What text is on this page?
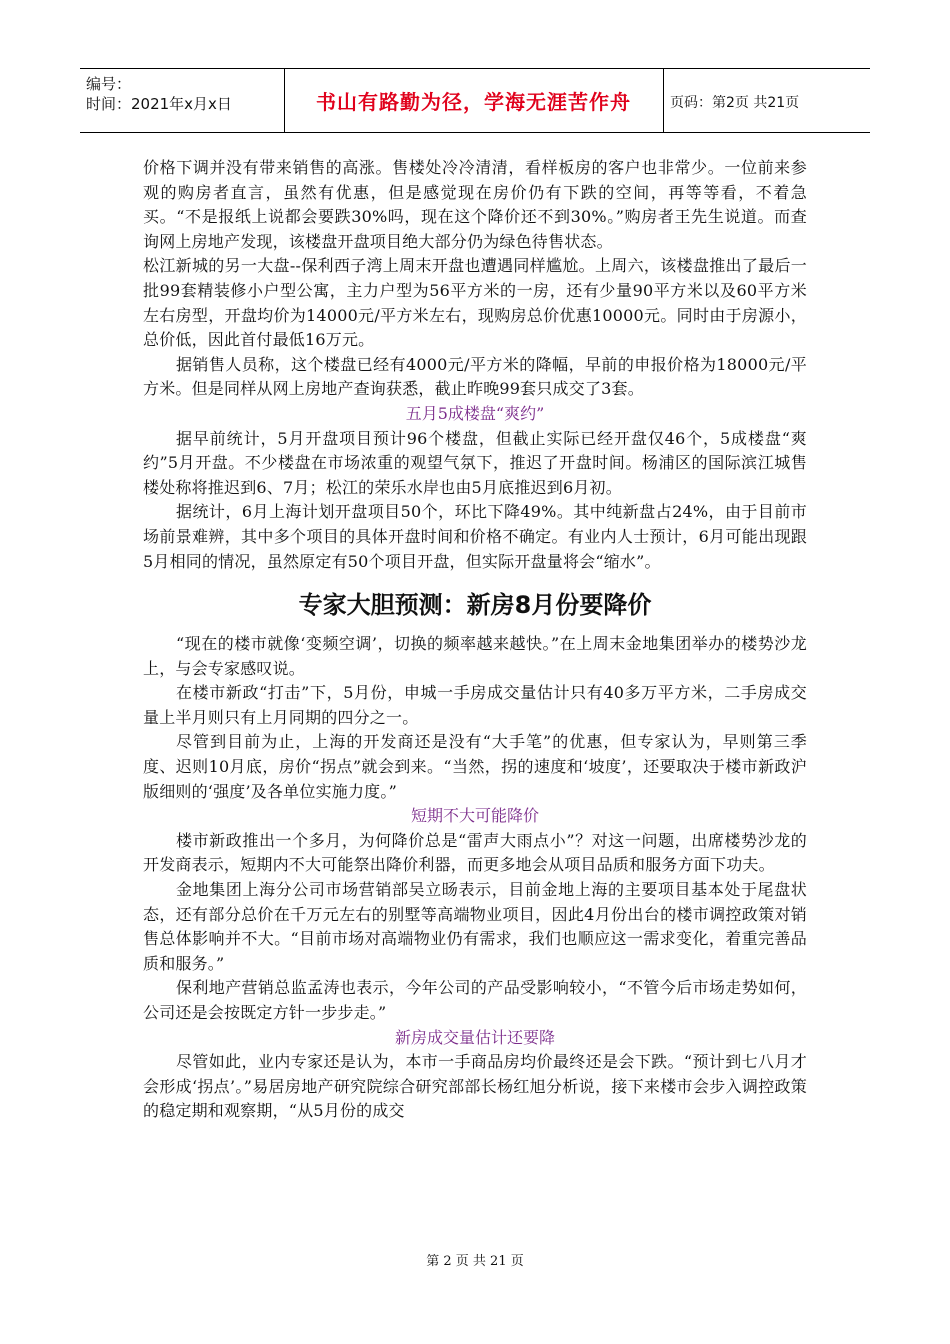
编号：
时间：2021年x月x日	书山有路勤为径，学海无涯苦作舟	页码：第2页 共21页

价格下调并没有带来销售的高涨。售楼处冷冷清清，看样板房的客户也非常少。一位前来参观的购房者直言，虽然有优惠，但是感觉现在房价仍有下跌的空间，再等等看，不着急买。“不是报纸上说都会要跌30%吗，现在这个降价还不到30%。”购房者王先生说道。而查询网上房地产发现，该楼盘开盘项目绝大部分仍为绿色待售状态。

松江新城的另一大盘--保利西子湾上周末开盘也遭遇同样尴尬。上周六，该楼盘推出了最后一批99套精装修小户型公寓，主力户型为56平方米的一房，还有少量90平方米以及60平方米左右房型，开盘均价为14000元/平方米左右，现购房总价优惠10000元。同时由于房源小，总价低，因此首付最低16万元。

据销售人员称，这个楼盘已经有4000元/平方米的降幅，早前的申报价格为18000元/平方米。但是同样从网上房地产查询获悉，截止昨晚99套只成交了3套。

五月5成楼盘“爽约”

据早前统计，5月开盘项目预计96个楼盘，但截止实际已经开盘仅46个，5成楼盘“爽约”5月开盘。不少楼盘在市场浓重的观望气氛下，推迟了开盘时间。杨浦区的国际滨江城售楼处称将推迟到6、7月；松江的荣乐水岸也由5月底推迟到6月初。

据统计，6月上海计划开盘项目50个，环比下降49%。其中纯新盘占24%，由于目前市场前景难辨，其中多个项目的具体开盘时间和价格不确定。有业内人士预计，6月可能出现跟5月相同的情况，虽然原定有50个项目开盘，但实际开盘量将会“缩水”。

专家大胆预测：新房8月份要降价

“现在的楼市就像‘变频空调’，切换的频率越来越快。”在上周末金地集团举办的楼势沙龙上，与会专家感叹说。

在楼市新政“打击”下，5月份，申城一手房成交量估计只有40多万平方米，二手房成交量上半月则只有上月同期的四分之一。

尽管到目前为止，上海的开发商还是没有“大手笔”的优惠，但专家认为，早则第三季度、迟则10月底，房价“拐点”就会到来。“当然，拐的速度和‘坡度’，还要取决于楼市新政沪版细则的‘强度’及各单位实施力度。”

短期不大可能降价

楼市新政推出一个多月，为何降价总是“雷声大雨点小”？对这一问题，出席楼势沙龙的开发商表示，短期内不大可能祭出降价利器，而更多地会从项目品质和服务方面下功夫。

金地集团上海分公司市场营销部吴立旸表示，目前金地上海的主要项目基本处于尾盘状态，还有部分总价在千万元左右的别墅等高端物业项目，因此4月份出台的楼市调控政策对销售总体影响并不大。“目前市场对高端物业仍有需求，我们也顺应这一需求变化，着重完善品质和服务。”

保利地产营销总监孟涛也表示，今年公司的产品受影响较小，“不管今后市场走势如何，公司还是会按既定方针一步步走。”

新房成交量估计还要降

尽管如此，业内专家还是认为，本市一手商品房均价最终还是会下跌。“预计到七八月才会形成‘拐点’。”易居房地产研究院综合研究部部长杨红旭分析说，接下来楼市会步入调控政策的稳定期和观察期，“从5月份的成交

第 2 页 共 21 页
